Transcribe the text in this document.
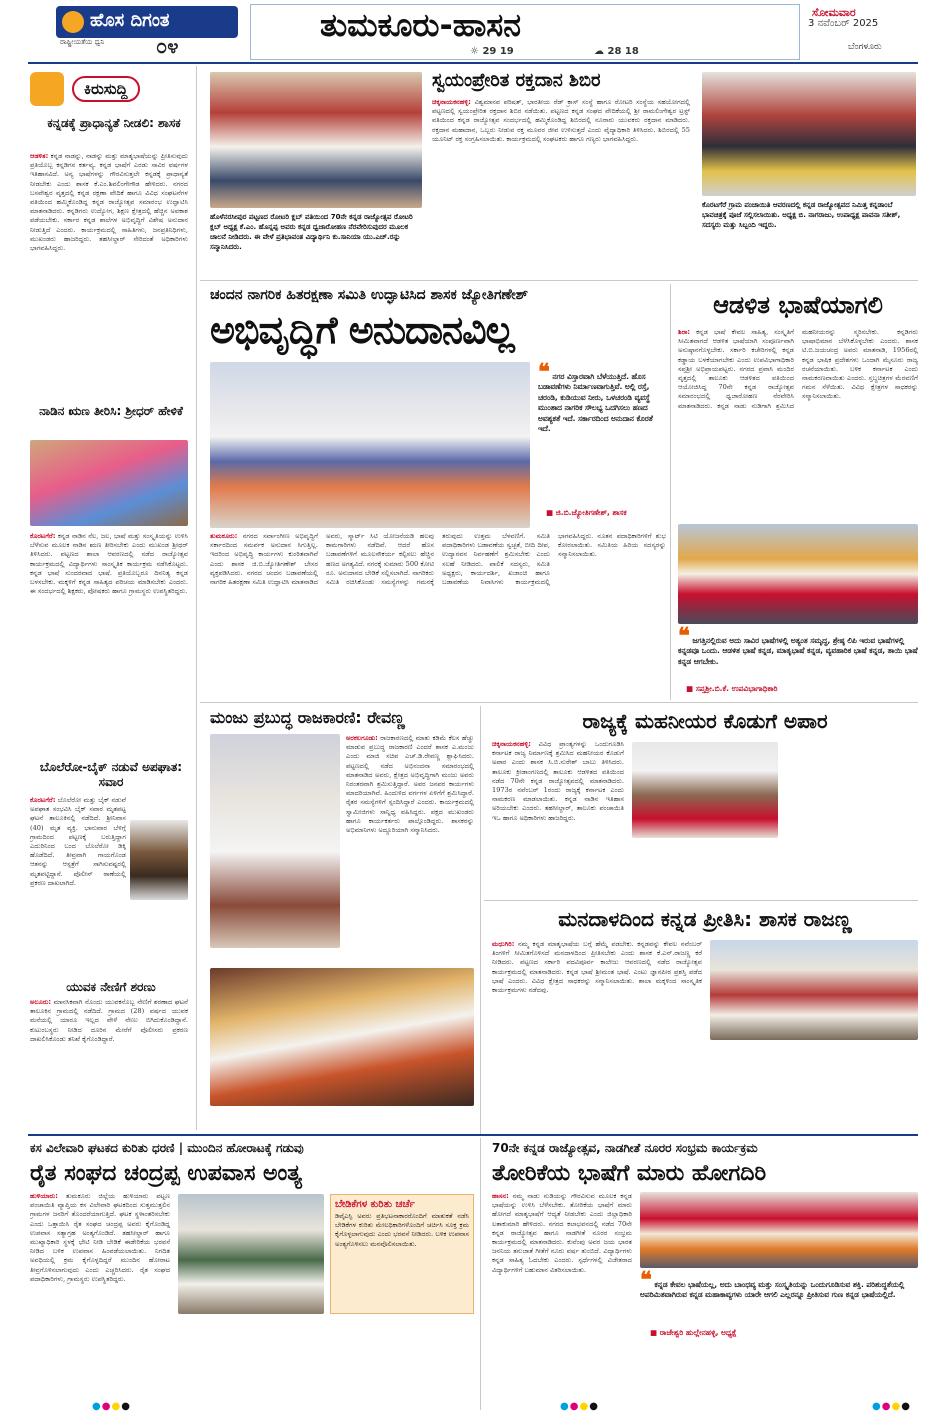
ಹೊಸ ದಿಗಂತ
ರಾಷ್ಟ್ರೀಯತೆಯ ಧ್ವನಿ	೦೪
ತುಮಕೂರು-ಹಾಸನ
☼ 29 19	☁ 28 18
ಸೋಮವಾರ
3 ನವೆಂಬರ್ 2025
ಬೆಂಗಳೂರು
ಕಿರುಸುದ್ದಿ
ಕನ್ನಡಕ್ಕೆ ಪ್ರಾಧಾನ್ಯತೆ ನೀಡಲಿ: ಶಾಸಕ
ಆಡಳಿತ: ಕನ್ನಡ ನಾಡನ್ನು, ನಾಡನ್ನು ಮತ್ತು ಮಾತೃಭಾಷೆಯನ್ನು ಪ್ರೀತಿಸುವುದು ಪ್ರತಿಯೊಬ್ಬ ಕನ್ನಡಿಗನ ಕರ್ತವ್ಯ. ಕನ್ನಡ ಭಾಷೆಗೆ ಎರಡು ಸಾವಿರ ವರ್ಷಗಳ ಇತಿಹಾಸವಿದೆ. ಅನ್ಯ ಭಾಷೆಗಳನ್ನು ಗೌರವಿಸುತ್ತಲೇ ಕನ್ನಡಕ್ಕೆ ಪ್ರಾಧಾನ್ಯತೆ ನೀಡಬೇಕು ಎಂದು ಶಾಸಕ ಕೆ.ಎಂ.ಶಿವಲಿಂಗೇಗೌಡ ಹೇಳಿದರು. ನಗರದ ಬಸವೇಶ್ವರ ವೃತ್ತದಲ್ಲಿ ಕನ್ನಡ ರಕ್ಷಣಾ ವೇದಿಕೆ ಹಾಗೂ ವಿವಿಧ ಸಂಘಟನೆಗಳ ವತಿಯಿಂದ ಹಮ್ಮಿಕೊಂಡಿದ್ದ ಕನ್ನಡ ರಾಜ್ಯೋತ್ಸವ ಸಮಾರಂಭ ಉದ್ಘಾಟಿಸಿ ಮಾತನಾಡಿದರು. ಕನ್ನಡಿಗರು ಉದ್ಯೋಗ, ಶಿಕ್ಷಣ ಕ್ಷೇತ್ರದಲ್ಲಿ ಹೆಚ್ಚಿನ ಅವಕಾಶ ಪಡೆಯಬೇಕು. ಸರ್ಕಾರ ಕನ್ನಡ ಶಾಲೆಗಳ ಅಭಿವೃದ್ಧಿಗೆ ವಿಶೇಷ ಅನುದಾನ ನೀಡುತ್ತಿದೆ ಎಂದರು. ಕಾರ್ಯಕ್ರಮದಲ್ಲಿ ಸಾಹಿತಿಗಳು, ಜನಪ್ರತಿನಿಧಿಗಳು, ಮುಖಂಡರು ಹಾಜರಿದ್ದರು. ತಹಸೀಲ್ದಾರ್ ಸೇರಿದಂತೆ ಅಧಿಕಾರಿಗಳು ಭಾಗವಹಿಸಿದ್ದರು.
ನಾಡಿನ ಋಣ ತೀರಿಸಿ: ಶ್ರೀಧರ್ ಹೇಳಿಕೆ
ಕೊರಟಗೆರೆ: ಕನ್ನಡ ನಾಡಿನ ನೆಲ, ಜಲ, ಭಾಷೆ ಮತ್ತು ಸಂಸ್ಕೃತಿಯನ್ನು ಉಳಿಸಿ ಬೆಳೆಸುವ ಮೂಲಕ ನಾಡಿನ ಋಣ ತೀರಿಸಬೇಕು ಎಂದು ಮುಖಂಡ ಶ್ರೀಧರ್ ತಿಳಿಸಿದರು. ಪಟ್ಟಣದ ಶಾಲಾ ಆವರಣದಲ್ಲಿ ನಡೆದ ರಾಜ್ಯೋತ್ಸವ ಕಾರ್ಯಕ್ರಮದಲ್ಲಿ ವಿದ್ಯಾರ್ಥಿಗಳು ಸಾಂಸ್ಕೃತಿಕ ಕಾರ್ಯಕ್ರಮ ನಡೆಸಿಕೊಟ್ಟರು. ಕನ್ನಡ ಭಾಷೆ ಸುಂದರವಾದ ಭಾಷೆ. ಪ್ರತಿಯೊಬ್ಬರೂ ದಿನನಿತ್ಯ ಕನ್ನಡ ಬಳಸಬೇಕು. ಮಕ್ಕಳಿಗೆ ಕನ್ನಡ ಸಾಹಿತ್ಯದ ಪರಿಚಯ ಮಾಡಿಸಬೇಕು ಎಂದರು. ಈ ಸಂದರ್ಭದಲ್ಲಿ ಶಿಕ್ಷಕರು, ಪೋಷಕರು ಹಾಗೂ ಗ್ರಾಮಸ್ಥರು ಉಪಸ್ಥಿತರಿದ್ದರು.
ಬೊಲೆರೋ-ಬೈಕ್ ನಡುವೆ ಅಪಘಾತ: ಸವಾರ
ಕೊರಟಗೆರೆ: ಬೊಲೆರೋ ಮತ್ತು ಬೈಕ್ ನಡುವೆ ಅಪಘಾತ ಸಂಭವಿಸಿ ಬೈಕ್ ಸವಾರ ಮೃತಪಟ್ಟ ಘಟನೆ ತಾಲೂಕಿನಲ್ಲಿ ನಡೆದಿದೆ. ಶ್ರೀನಿವಾಸ (40) ಮೃತ ವ್ಯಕ್ತಿ. ಭಾನುವಾರ ಬೆಳಿಗ್ಗೆ ಗ್ರಾಮದಿಂದ ಪಟ್ಟಣಕ್ಕೆ ಬರುತ್ತಿದ್ದಾಗ ಎದುರಿನಿಂದ ಬಂದ ಬೊಲೆರೋ ಡಿಕ್ಕಿ ಹೊಡೆದಿದೆ. ತೀವ್ರವಾಗಿ ಗಾಯಗೊಂಡ ಆತನನ್ನು ಆಸ್ಪತ್ರೆಗೆ ಸಾಗಿಸುವಷ್ಟರಲ್ಲಿ ಮೃತಪಟ್ಟಿದ್ದಾನೆ. ಪೊಲೀಸ್ ಠಾಣೆಯಲ್ಲಿ ಪ್ರಕರಣ ದಾಖಲಾಗಿದೆ.
ಯುವಕ ನೇಣಿಗೆ ಶರಣು
ಅಲೂರು: ಮಾನಸಿಕವಾಗಿ ನೊಂದು ಯುವಕನೊಬ್ಬ ನೇಣಿಗೆ ಶರಣಾದ ಘಟನೆ ತಾಲೂಕಿನ ಗ್ರಾಮದಲ್ಲಿ ನಡೆದಿದೆ. ಗ್ರಾಮದ (28) ವರ್ಷದ ಯುವಕ ಮನೆಯಲ್ಲಿ ಯಾರೂ ಇಲ್ಲದ ವೇಳೆ ನೇಣು ಬಿಗಿದುಕೊಂಡಿದ್ದಾನೆ. ಕುಟುಂಬಸ್ಥರು ನೀಡಿದ ದೂರಿನ ಮೇರೆಗೆ ಪೊಲೀಸರು ಪ್ರಕರಣ ದಾಖಲಿಸಿಕೊಂಡು ತನಿಖೆ ಕೈಗೊಂಡಿದ್ದಾರೆ.
ಹೊಳೆನರಸೀಪುರ ಪಟ್ಟಣದ ರೋಟರಿ ಕ್ಲಬ್ ವತಿಯಿಂದ 70ನೇ ಕನ್ನಡ ರಾಜ್ಯೋತ್ಸವ ರೋಟರಿ ಕ್ಲಬ್ ಅಧ್ಯಕ್ಷ ಕೆ.ಎಂ. ಹೊನ್ನಪ್ಪ ಅವರು ಕನ್ನಡ ಧ್ವಜಾರೋಹಣ ನೆರವೇರಿಸುವುದರ ಮೂಲಕ ಚಾಲನೆ ನೀಡಿದರು. ಈ ವೇಳೆ ಪ್ರತಿಭಾವಂತ ವಿದ್ಯಾರ್ಥಿನಿ ಕು.ಸಾನಿಯಾ ಯು.ಎಚ್.ರನ್ನು ಸನ್ಮಾನಿಸಿದರು.
ಸ್ವಯಂಪ್ರೇರಿತ ರಕ್ತದಾನ ಶಿಬಿರ
ಚಿಕ್ಕನಾಯಕನಹಳ್ಳಿ: ವಿಶ್ವಮಾನವ ಪರಿಷತ್, ಭಾರತೀಯ ರೆಡ್ ಕ್ರಾಸ್ ಸಂಸ್ಥೆ ಹಾಗೂ ರೋಟರಿ ಸಂಸ್ಥೆಯ ಸಹಯೋಗದಲ್ಲಿ ಪಟ್ಟಣದಲ್ಲಿ ಸ್ವಯಂಪ್ರೇರಿತ ರಕ್ತದಾನ ಶಿಬಿರ ನಡೆಯಿತು. ಪಟ್ಟಣದ ಕನ್ನಡ ಸಂಘದ ವೇದಿಕೆಯಲ್ಲಿ ಶ್ರೀ ರಾಮಲಿಂಗೇಶ್ವರ ಟ್ರಸ್ಟ್ ವತಿಯಿಂದ ಕನ್ನಡ ರಾಜ್ಯೋತ್ಸವ ಸಂದರ್ಭದಲ್ಲಿ ಹಮ್ಮಿಕೊಂಡಿದ್ದ ಶಿಬಿರದಲ್ಲಿ ನೂರಾರು ಯುವಕರು ರಕ್ತದಾನ ಮಾಡಿದರು. ರಕ್ತದಾನ ಮಹಾದಾನ, ಒಬ್ಬರು ನೀಡುವ ರಕ್ತ ಮೂವರ ಜೀವ ಉಳಿಸುತ್ತದೆ ಎಂದು ವೈದ್ಯಾಧಿಕಾರಿ ತಿಳಿಸಿದರು. ಶಿಬಿರದಲ್ಲಿ 55 ಯೂನಿಟ್ ರಕ್ತ ಸಂಗ್ರಹಿಸಲಾಯಿತು. ಕಾರ್ಯಕ್ರಮದಲ್ಲಿ ಸಂಘಟಕರು ಹಾಗೂ ಗಣ್ಯರು ಭಾಗವಹಿಸಿದ್ದರು.
ಕೊರಟಗೆರೆ ಗ್ರಾಮ ಪಂಚಾಯಿತಿ ಆವರಣದಲ್ಲಿ ಕನ್ನಡ ರಾಜ್ಯೋತ್ಸವದ ನಿಮಿತ್ತ ಕನ್ನಡಾಂಬೆ ಭಾವಚಿತ್ರಕ್ಕೆ ಪೂಜೆ ಸಲ್ಲಿಸಲಾಯಿತು. ಅಧ್ಯಕ್ಷ ಬಿ. ನಾಗರಾಜು, ಉಪಾಧ್ಯಕ್ಷ ಪಾವನಾ ಸತೀಶ್, ಸದಸ್ಯರು ಮತ್ತು ಸಿಬ್ಬಂದಿ ಇದ್ದರು.
ಚಂದನ ನಾಗರಿಕ ಹಿತರಕ್ಷಣಾ ಸಮಿತಿ ಉದ್ಘಾಟಿಸಿದ ಶಾಸಕ ಜ್ಯೋತಿಗಣೇಶ್
ಅಭಿವೃದ್ಧಿಗೆ ಅನುದಾನವಿಲ್ಲ
❝ ನಗರ ವಿಸ್ತಾರವಾಗಿ ಬೆಳೆಯುತ್ತಿದೆ. ಹೊಸ ಬಡಾವಣೆಗಳು ನಿರ್ಮಾಣವಾಗುತ್ತಿವೆ. ಅಲ್ಲಿ ರಸ್ತೆ, ಚರಂಡಿ, ಕುಡಿಯುವ ನೀರು, ಒಳಚರಂಡಿ ವ್ಯವಸ್ಥೆ ಮುಂತಾದ ನಾಗರಿಕ ಸೌಲಭ್ಯ ಒದಗಿಸಲು ಹಣದ ಅವಶ್ಯಕತೆ ಇದೆ. ಸರ್ಕಾರದಿಂದ ಅನುದಾನ ಕೊರತೆ ಇದೆ.
■ ಜಿ.ಬಿ.ಜ್ಯೋತಿಗಣೇಶ್, ಶಾಸಕ
ತುಮಕೂರು: ನಗರದ ಸರ್ವಾಂಗೀಣ ಅಭಿವೃದ್ಧಿಗೆ ಸರ್ಕಾರದಿಂದ ಸಮರ್ಪಕ ಅನುದಾನ ಸಿಗುತ್ತಿಲ್ಲ. ಇದರಿಂದ ಅಭಿವೃದ್ಧಿ ಕಾರ್ಯಗಳು ಕುಂಠಿತವಾಗಿವೆ ಎಂದು ಶಾಸಕ ಜಿ.ಬಿ.ಜ್ಯೋತಿಗಣೇಶ್ ಬೇಸರ ವ್ಯಕ್ತಪಡಿಸಿದರು. ನಗರದ ಚಂದನ ಬಡಾವಣೆಯಲ್ಲಿ ನಾಗರಿಕ ಹಿತರಕ್ಷಣಾ ಸಮಿತಿ ಉದ್ಘಾಟಿಸಿ ಮಾತನಾಡಿದ ಅವರು, ಸ್ಮಾರ್ಟ್ ಸಿಟಿ ಯೋಜನೆಯಡಿ ಹಲವು ಕಾಮಗಾರಿಗಳು ನಡೆದಿವೆ. ಆದರೆ ಹೊಸ ಬಡಾವಣೆಗಳಿಗೆ ಮೂಲಸೌಕರ್ಯ ಕಲ್ಪಿಸಲು ಹೆಚ್ಚಿನ ಹಣದ ಅಗತ್ಯವಿದೆ. ನಗರಕ್ಕೆ ಸುಮಾರು 500 ಕೋಟಿ ರೂ. ಅನುದಾನದ ಬೇಡಿಕೆ ಸಲ್ಲಿಸಲಾಗಿದೆ. ನಾಗರಿಕರು ಸಮಿತಿ ರಚಿಸಿಕೊಂಡು ಸಮಸ್ಯೆಗಳನ್ನು ಗಮನಕ್ಕೆ ತರುವುದು ಉತ್ತಮ ಬೆಳವಣಿಗೆ. ಸಮಿತಿ ಪದಾಧಿಕಾರಿಗಳು ಬಡಾವಣೆಯ ಸ್ವಚ್ಛತೆ, ಬೀದಿ ದೀಪ, ಉದ್ಯಾನವನ ನಿರ್ವಹಣೆಗೆ ಶ್ರಮಿಸಬೇಕು ಎಂದು ಸಲಹೆ ನೀಡಿದರು. ಪಾಲಿಕೆ ಸದಸ್ಯರು, ಸಮಿತಿ ಅಧ್ಯಕ್ಷರು, ಕಾರ್ಯದರ್ಶಿ, ಖಜಾಂಚಿ ಹಾಗೂ ಬಡಾವಣೆಯ ನಿವಾಸಿಗಳು ಕಾರ್ಯಕ್ರಮದಲ್ಲಿ ಭಾಗವಹಿಸಿದ್ದರು. ನೂತನ ಪದಾಧಿಕಾರಿಗಳಿಗೆ ಶುಭ ಕೋರಲಾಯಿತು. ಸಮಿತಿಯ ಹಿರಿಯ ಸದಸ್ಯರನ್ನು ಸನ್ಮಾನಿಸಲಾಯಿತು.
ಆಡಳಿತ ಭಾಷೆಯಾಗಲಿ
ಶಿರಾ: ಕನ್ನಡ ಭಾಷೆ ಕೇವಲ ಸಾಹಿತ್ಯ, ಸಂಸ್ಕೃತಿಗೆ ಸೀಮಿತವಾಗದೆ ಆಡಳಿತ ಭಾಷೆಯಾಗಿ ಸಂಪೂರ್ಣವಾಗಿ ಅನುಷ್ಠಾನಗೊಳ್ಳಬೇಕು. ಸರ್ಕಾರಿ ಕಚೇರಿಗಳಲ್ಲಿ ಕನ್ನಡ ಕಡ್ಡಾಯ ಬಳಕೆಯಾಗಬೇಕು ಎಂದು ಉಪವಿಭಾಗಾಧಿಕಾರಿ ಸಪ್ತಶ್ರೀ ಅಭಿಪ್ರಾಯಪಟ್ಟರು. ನಗರದ ಪ್ರವಾಸಿ ಮಂದಿರ ವೃತ್ತದಲ್ಲಿ ತಾಲೂಕು ಆಡಳಿತದ ವತಿಯಿಂದ ಆಯೋಜಿಸಿದ್ದ 70ನೇ ಕನ್ನಡ ರಾಜ್ಯೋತ್ಸವ ಸಮಾರಂಭದಲ್ಲಿ ಧ್ವಜಾರೋಹಣ ನೆರವೇರಿಸಿ ಮಾತನಾಡಿದರು. ಕನ್ನಡ ನಾಡು ನುಡಿಗಾಗಿ ಶ್ರಮಿಸಿದ ಮಹನೀಯರನ್ನು ಸ್ಮರಿಸಬೇಕು. ಕನ್ನಡಿಗರು ಭಾಷಾಭಿಮಾನ ಬೆಳೆಸಿಕೊಳ್ಳಬೇಕು ಎಂದರು. ಶಾಸಕ ಟಿ.ಬಿ.ಜಯಚಂದ್ರ ಅವರು ಮಾತನಾಡಿ, 1956ರಲ್ಲಿ ಕನ್ನಡ ಭಾಷಿಕ ಪ್ರದೇಶಗಳು ಒಂದಾಗಿ ಮೈಸೂರು ರಾಜ್ಯ ರಚನೆಯಾಯಿತು. ಬಳಿಕ ಕರ್ನಾಟಕ ಎಂದು ನಾಮಕರಣವಾಯಿತು ಎಂದರು. ಸ್ತಬ್ಧಚಿತ್ರಗಳ ಮೆರವಣಿಗೆ ಗಮನ ಸೆಳೆಯಿತು. ವಿವಿಧ ಕ್ಷೇತ್ರಗಳ ಸಾಧಕರನ್ನು ಸನ್ಮಾನಿಸಲಾಯಿತು.
❝ ಜಗತ್ತಿನಲ್ಲಿರುವ ಅದು ಸಾವಿರ ಭಾಷೆಗಳಲ್ಲಿ ಅತ್ಯಂತ ಸಮೃದ್ಧ, ಶ್ರೇಷ್ಠ ಲಿಪಿ ಇರುವ ಭಾಷೆಗಳಲ್ಲಿ ಕನ್ನಡವೂ ಒಂದು. ಆಡಳಿತ ಭಾಷೆ ಕನ್ನಡ, ಮಾತೃಭಾಷೆ ಕನ್ನಡ, ವ್ಯವಹಾರಿಕ ಭಾಷೆ ಕನ್ನಡ, ತಾಯಿ ಭಾಷೆ ಕನ್ನಡ ಆಗಬೇಕು.
■ ಸಪ್ತಶ್ರೀ.ಬಿ.ಕೆ. ಉಪವಿಭಾಗಾಧಿಕಾರಿ
ಮಂಜು ಪ್ರಬುದ್ಧ ರಾಜಕಾರಣಿ: ರೇವಣ್ಣ
ಅರಕಲಗೂಡು: ರಾಜಕಾರಣದಲ್ಲಿ ಮಾತು ಕಡಿಮೆ ಕೆಲಸ ಹೆಚ್ಚು ಮಾಡುವ ಪ್ರಬುದ್ಧ ರಾಜಕಾರಣಿ ಎಂದರೆ ಶಾಸಕ ಎ.ಮಂಜು ಎಂದು ಮಾಜಿ ಸಚಿವ ಎಚ್.ಡಿ.ರೇವಣ್ಣ ಶ್ಲಾಘಿಸಿದರು. ಪಟ್ಟಣದಲ್ಲಿ ನಡೆದ ಅಭಿನಂದನಾ ಸಮಾರಂಭದಲ್ಲಿ ಮಾತನಾಡಿದ ಅವರು, ಕ್ಷೇತ್ರದ ಅಭಿವೃದ್ಧಿಗಾಗಿ ಮಂಜು ಅವರು ನಿರಂತರವಾಗಿ ಶ್ರಮಿಸುತ್ತಿದ್ದಾರೆ. ಅವರ ಜನಪರ ಕಾರ್ಯಗಳು ಮಾದರಿಯಾಗಿವೆ. ಹಿಂದುಳಿದ ವರ್ಗಗಳ ಏಳಿಗೆಗೆ ಶ್ರಮಿಸಿದ್ದಾರೆ. ರೈತರ ಸಮಸ್ಯೆಗಳಿಗೆ ಸ್ಪಂದಿಸಿದ್ದಾರೆ ಎಂದರು. ಕಾರ್ಯಕ್ರಮದಲ್ಲಿ ಸ್ವಾಮೀಜಿಗಳು ಸಾನ್ನಿಧ್ಯ ವಹಿಸಿದ್ದರು. ಪಕ್ಷದ ಮುಖಂಡರು ಹಾಗೂ ಕಾರ್ಯಕರ್ತರು ಪಾಲ್ಗೊಂಡಿದ್ದರು. ಶಾಸಕರನ್ನು ಅಭಿಮಾನಿಗಳು ಅದ್ದೂರಿಯಾಗಿ ಸನ್ಮಾನಿಸಿದರು.
ರಾಜ್ಯಕ್ಕೆ ಮಹನೀಯರ ಕೊಡುಗೆ ಅಪಾರ
ಚಿಕ್ಕನಾಯಕನಹಳ್ಳಿ: ವಿವಿಧ ಪ್ರಾಂತ್ಯಗಳನ್ನು ಒಂದುಗೂಡಿಸಿ ಕರ್ನಾಟಕ ರಾಜ್ಯ ನಿರ್ಮಾಣಕ್ಕೆ ಶ್ರಮಿಸಿದ ಮಹನೀಯರ ಕೊಡುಗೆ ಅಪಾರ ಎಂದು ಶಾಸಕ ಸಿ.ಬಿ.ಸುರೇಶ್ ಬಾಬು ತಿಳಿಸಿದರು. ತಾಲೂಕು ಕ್ರೀಡಾಂಗಣದಲ್ಲಿ ತಾಲೂಕು ಆಡಳಿತದ ವತಿಯಿಂದ ನಡೆದ 70ನೇ ಕನ್ನಡ ರಾಜ್ಯೋತ್ಸವದಲ್ಲಿ ಮಾತನಾಡಿದರು. 1973ರ ನವೆಂಬರ್ 1ರಂದು ರಾಜ್ಯಕ್ಕೆ ಕರ್ನಾಟಕ ಎಂದು ನಾಮಕರಣ ಮಾಡಲಾಯಿತು. ಕನ್ನಡ ನಾಡಿನ ಇತಿಹಾಸ ಅರಿಯಬೇಕು ಎಂದರು. ತಹಸೀಲ್ದಾರ್, ತಾಲೂಕು ಪಂಚಾಯಿತಿ ಇಒ ಹಾಗೂ ಅಧಿಕಾರಿಗಳು ಹಾಜರಿದ್ದರು.
ಮನದಾಳದಿಂದ ಕನ್ನಡ ಪ್ರೀತಿಸಿ: ಶಾಸಕ ರಾಜಣ್ಣ
ಮಧುಗಿರಿ: ನಮ್ಮ ಕನ್ನಡ ಮಾತೃಭಾಷೆಯ ಬಗ್ಗೆ ಹೆಮ್ಮೆ ಪಡಬೇಕು. ಕನ್ನಡವನ್ನು ಕೇವಲ ನವೆಂಬರ್ ತಿಂಗಳಿಗೆ ಸೀಮಿತಗೊಳಿಸದೆ ಮನದಾಳದಿಂದ ಪ್ರೀತಿಸಬೇಕು ಎಂದು ಶಾಸಕ ಕೆ.ಎನ್.ರಾಜಣ್ಣ ಕರೆ ನೀಡಿದರು. ಪಟ್ಟಣದ ಸರ್ಕಾರಿ ಪದವಿಪೂರ್ವ ಕಾಲೇಜು ಆವರಣದಲ್ಲಿ ನಡೆದ ರಾಜ್ಯೋತ್ಸವ ಕಾರ್ಯಕ್ರಮದಲ್ಲಿ ಮಾತನಾಡಿದರು. ಕನ್ನಡ ಭಾಷೆ ಶ್ರೀಮಂತ ಭಾಷೆ. ಎಂಟು ಜ್ಞಾನಪೀಠ ಪ್ರಶಸ್ತಿ ಪಡೆದ ಭಾಷೆ ಎಂದರು. ವಿವಿಧ ಕ್ಷೇತ್ರದ ಸಾಧಕರನ್ನು ಸನ್ಮಾನಿಸಲಾಯಿತು. ಶಾಲಾ ಮಕ್ಕಳಿಂದ ಸಾಂಸ್ಕೃತಿಕ ಕಾರ್ಯಕ್ರಮಗಳು ನಡೆದವು.
ಕಸ ವಿಲೇವಾರಿ ಘಟಕದ ಕುರಿತು ಧರಣಿ | ಮುಂದಿನ ಹೋರಾಟಕ್ಕೆ ಗಡುವು
ರೈತ ಸಂಘದ ಚಂದ್ರಪ್ಪ ಉಪವಾಸ ಅಂತ್ಯ
ಹುಳಿಯಾರು: ತುಮಕೂರು ಜಿಲ್ಲೆಯ ಹುಳಿಯಾರು ಪಟ್ಟಣ ಪಂಚಾಯಿತಿ ವ್ಯಾಪ್ತಿಯ ಕಸ ವಿಲೇವಾರಿ ಘಟಕದಿಂದ ಸುತ್ತಮುತ್ತಲಿನ ಗ್ರಾಮಗಳ ಜನರಿಗೆ ತೊಂದರೆಯಾಗುತ್ತಿದೆ. ಘಟಕ ಸ್ಥಳಾಂತರಿಸಬೇಕು ಎಂದು ಒತ್ತಾಯಿಸಿ ರೈತ ಸಂಘದ ಚಂದ್ರಪ್ಪ ಅವರು ಕೈಗೊಂಡಿದ್ದ ಉಪವಾಸ ಸತ್ಯಾಗ್ರಹ ಅಂತ್ಯಗೊಂಡಿದೆ. ತಹಸೀಲ್ದಾರ್ ಹಾಗೂ ಮುಖ್ಯಾಧಿಕಾರಿ ಸ್ಥಳಕ್ಕೆ ಭೇಟಿ ನೀಡಿ ಬೇಡಿಕೆ ಈಡೇರಿಕೆಯ ಭರವಸೆ ನೀಡಿದ ಬಳಿಕ ಉಪವಾಸ ಹಿಂಪಡೆಯಲಾಯಿತು. ನಿಗದಿತ ಅವಧಿಯಲ್ಲಿ ಕ್ರಮ ಕೈಗೊಳ್ಳದಿದ್ದರೆ ಮುಂದಿನ ಹೋರಾಟ ತೀವ್ರಗೊಳಿಸಲಾಗುವುದು ಎಂದು ಎಚ್ಚರಿಸಿದರು. ರೈತ ಸಂಘದ ಪದಾಧಿಕಾರಿಗಳು, ಗ್ರಾಮಸ್ಥರು ಉಪಸ್ಥಿತರಿದ್ದರು.
ಬೇಡಿಕೆಗಳ ಕುರಿತು ಚರ್ಚೆ
ಡಿವೈಎಸ್ಪಿ ಅವರು ಪ್ರತಿಭಟನಾಕಾರರೊಂದಿಗೆ ಮಾತುಕತೆ ನಡೆಸಿ ಬೇಡಿಕೆಗಳ ಕುರಿತು ಮೇಲಧಿಕಾರಿಗಳೊಂದಿಗೆ ಚರ್ಚಿಸಿ ಸೂಕ್ತ ಕ್ರಮ ಕೈಗೊಳ್ಳಲಾಗುವುದು ಎಂದು ಭರವಸೆ ನೀಡಿದರು. ಬಳಿಕ ಉಪವಾಸ ಅಂತ್ಯಗೊಳಿಸಲು ಮನವೊಲಿಸಲಾಯಿತು.
70ನೇ ಕನ್ನಡ ರಾಜ್ಯೋತ್ಸವ, ನಾಡಗೀತೆ ನೂರರ ಸಂಭ್ರಮ ಕಾರ್ಯಕ್ರಮ
ತೋರಿಕೆಯ ಭಾಷೆಗೆ ಮಾರು ಹೋಗದಿರಿ
ಹಾಸನ: ನಮ್ಮ ನಾಡು ನುಡಿಯನ್ನು ಗೌರವಿಸುವ ಮೂಲಕ ಕನ್ನಡ ಭಾಷೆಯನ್ನು ಉಳಿಸಿ ಬೆಳೆಸಬೇಕು. ತೋರಿಕೆಯ ಭಾಷೆಗೆ ಮಾರು ಹೋಗದೆ ಮಾತೃಭಾಷೆಗೆ ಆದ್ಯತೆ ನೀಡಬೇಕು ಎಂದು ಜಿಲ್ಲಾಧಿಕಾರಿ ಲತಾಕುಮಾರಿ ಹೇಳಿದರು. ನಗರದ ಕಲಾಭವನದಲ್ಲಿ ನಡೆದ 70ನೇ ಕನ್ನಡ ರಾಜ್ಯೋತ್ಸವ ಹಾಗೂ ನಾಡಗೀತೆ ನೂರರ ಸಂಭ್ರಮ ಕಾರ್ಯಕ್ರಮದಲ್ಲಿ ಮಾತನಾಡಿದರು. ಕುವೆಂಪು ಅವರ ಜಯ ಭಾರತ ಜನನಿಯ ತನುಜಾತೆ ಗೀತೆಗೆ ನೂರು ವರ್ಷ ತುಂಬಿದೆ. ವಿದ್ಯಾರ್ಥಿಗಳು ಕನ್ನಡ ಸಾಹಿತ್ಯ ಓದಬೇಕು ಎಂದರು. ಸ್ಪರ್ಧೆಗಳಲ್ಲಿ ವಿಜೇತರಾದ ವಿದ್ಯಾರ್ಥಿಗಳಿಗೆ ಬಹುಮಾನ ವಿತರಿಸಲಾಯಿತು.	❝ ಕನ್ನಡ ಕೇವಲ ಭಾಷೆಯಲ್ಲ, ಅದು ಬಾಂಧವ್ಯ ಮತ್ತು ಸಂಸ್ಕೃತಿಯನ್ನು ಒಂದುಗೂಡಿಸುವ ಶಕ್ತಿ. ಪರಿಶುದ್ಧತೆಯಲ್ಲಿ ಅಪರಿಮಿತವಾಗಿರುವ ಕನ್ನಡ ಮಹಾಕಾವ್ಯಗಳು ಯಾರೇ ಆಗಲಿ ಎಲ್ಲರನ್ನೂ ಪ್ರೀತಿಸುವ ಗುಣ ಕನ್ನಡ ಭಾಷೆಯಲ್ಲಿದೆ.
■ ರಾಜೇಶ್ವರಿ ಹುಲ್ಲೇನಹಳ್ಳಿ, ಅಧ್ಯಕ್ಷೆ
●●●●	●●●●	●●●●
